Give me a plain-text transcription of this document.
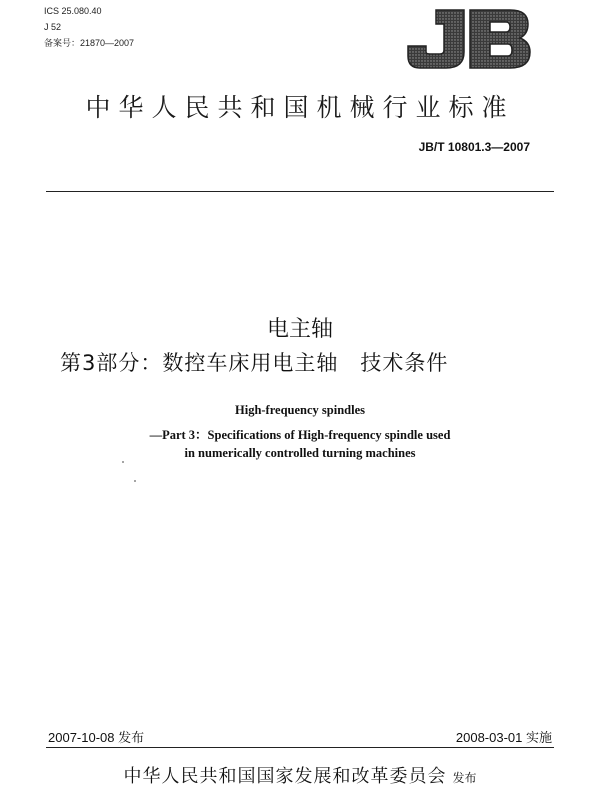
ICS 25.080.40
J 52
备案号：21870—2007
中华人民共和国机械行业标准
JB/T 10801.3—2007
电主轴
第3部分：数控车床用电主轴　技术条件
High-frequency spindles
—Part 3：Specifications of High-frequency spindle used
in numerically controlled turning machines
2007-10-08 发布	2008-03-01 实施
中华人民共和国国家发展和改革委员会 发布
